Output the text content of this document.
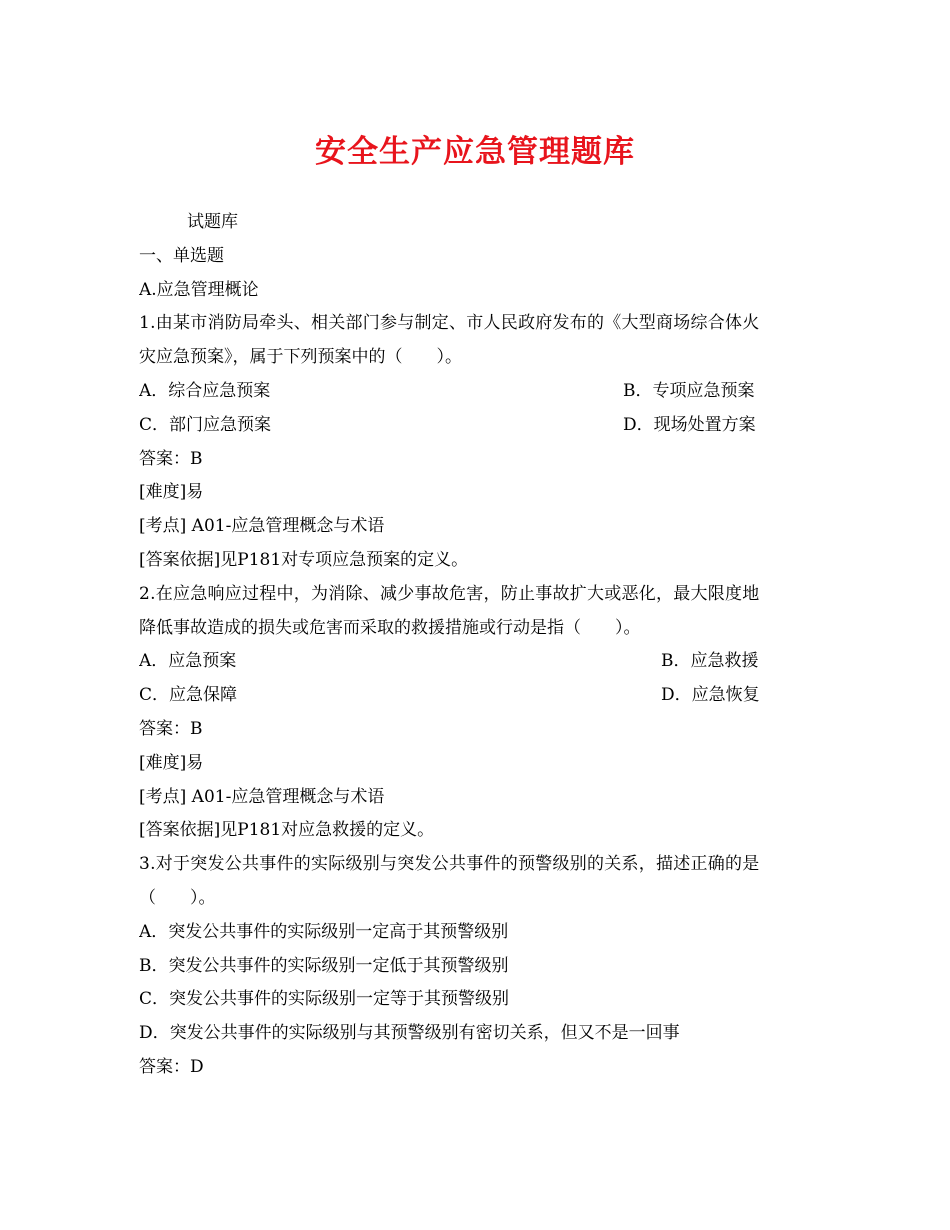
安全生产应急管理题库
试题库
一、单选题
A.应急管理概论
1.由某市消防局牵头、相关部门参与制定、市人民政府发布的《大型商场综合体火
灾应急预案》，属于下列预案中的（　　）。
A．综合应急预案	B．专项应急预案
C．部门应急预案	D．现场处置方案
答案：B
[难度]易
[考点] A01-应急管理概念与术语
[答案依据]见P181对专项应急预案的定义。
2.在应急响应过程中，为消除、减少事故危害，防止事故扩大或恶化，最大限度地
降低事故造成的损失或危害而采取的救援措施或行动是指（　　）。
A．应急预案	B．应急救援
C．应急保障	D．应急恢复
答案：B
[难度]易
[考点] A01-应急管理概念与术语
[答案依据]见P181对应急救援的定义。
3.对于突发公共事件的实际级别与突发公共事件的预警级别的关系，描述正确的是
（　　）。
A．突发公共事件的实际级别一定高于其预警级别
B．突发公共事件的实际级别一定低于其预警级别
C．突发公共事件的实际级别一定等于其预警级别
D．突发公共事件的实际级别与其预警级别有密切关系，但又不是一回事
答案：D
